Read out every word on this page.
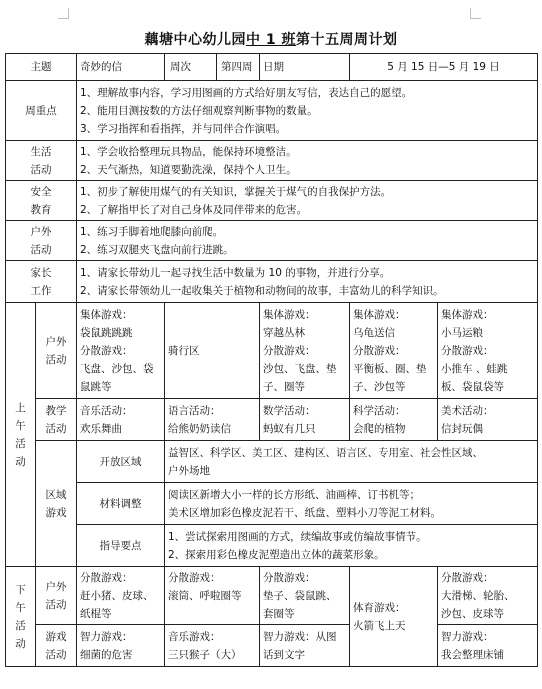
藕塘中心幼儿园中 1 班第十五周周计划
主题		奇妙的信	周次 第四周	日期	5 月 15 日—5 月 19 日	
周重点		1、理解故事内容，学习用图画的方式给好朋友写信，表达自己的愿望。
2、能用目测按数的方法仔细观察判断事物的数量。
3、学习指挥和看指挥，并与同伴合作演唱。				

生活
活动		1、学会收拾整理玩具物品，能保持环境整洁。
2、天气渐热，知道要勤洗澡，保持个人卫生。				

安全
教育		1、初步了解使用煤气的有关知识，掌握关于煤气的自我保护方法。
2、了解指甲长了对自己身体及同伴带来的危害。				

户外
活动		1、练习手脚着地爬膝向前爬。
2、练习双腿夹飞盘向前行进跳。				

家长
工作		1、请家长带幼儿一起寻找生活中数量为 10 的事物，并进行分享。
2、请家长带领幼儿一起收集关于植物和动物间的故事，丰富幼儿的科学知识。				

上
午
活
动	户外
活动	集体游戏：
袋鼠跳跳跳
分散游戏：
飞盘、沙包、袋
鼠跳等	骑行区	集体游戏：
穿越丛林
分散游戏：
沙包、飞盘、垫
子、圈等	集体游戏：
乌龟送信
分散游戏：
平衡板、圈、垫
子、沙包等	集体游戏：
小马运粮
分散游戏：
小推车 、蛙跳
板、袋鼠袋等

	教学
活动	音乐活动：
欢乐舞曲	语言活动：
给熊奶奶读信	数学活动：
蚂蚁有几只	科学活动：
会爬的植物	美术活动：
信封玩偶

	区域
游戏	开放区域	益智区、科学区、美工区、建构区、语言区、专用室、社会性区域、
户外场地			

		材料调整	阅读区新增大小一样的长方形纸、油画棒、订书机等；
美术区增加彩色橡皮泥若干、纸盘、塑料小刀等泥工材料。			

		指导要点	1、尝试探索用图画的方式，续编故事或仿编故事情节。
2、探索用彩色橡皮泥塑造出立体的蔬菜形象。			

下
午
活
动	户外
活动	分散游戏：
赶小猪、皮球、
纸棍等	分散游戏：
滚筒、呼啦圈等	分散游戏：
垫子、袋鼠跳、
套圈等	体育游戏：
火箭飞上天	分散游戏：
大滑梯、轮胎、
沙包、皮球等

	游戏
活动	智力游戏：
细菌的危害	音乐游戏：
三只猴子（大）	智力游戏：从图
话到文字		智力游戏：
我会整理床铺
